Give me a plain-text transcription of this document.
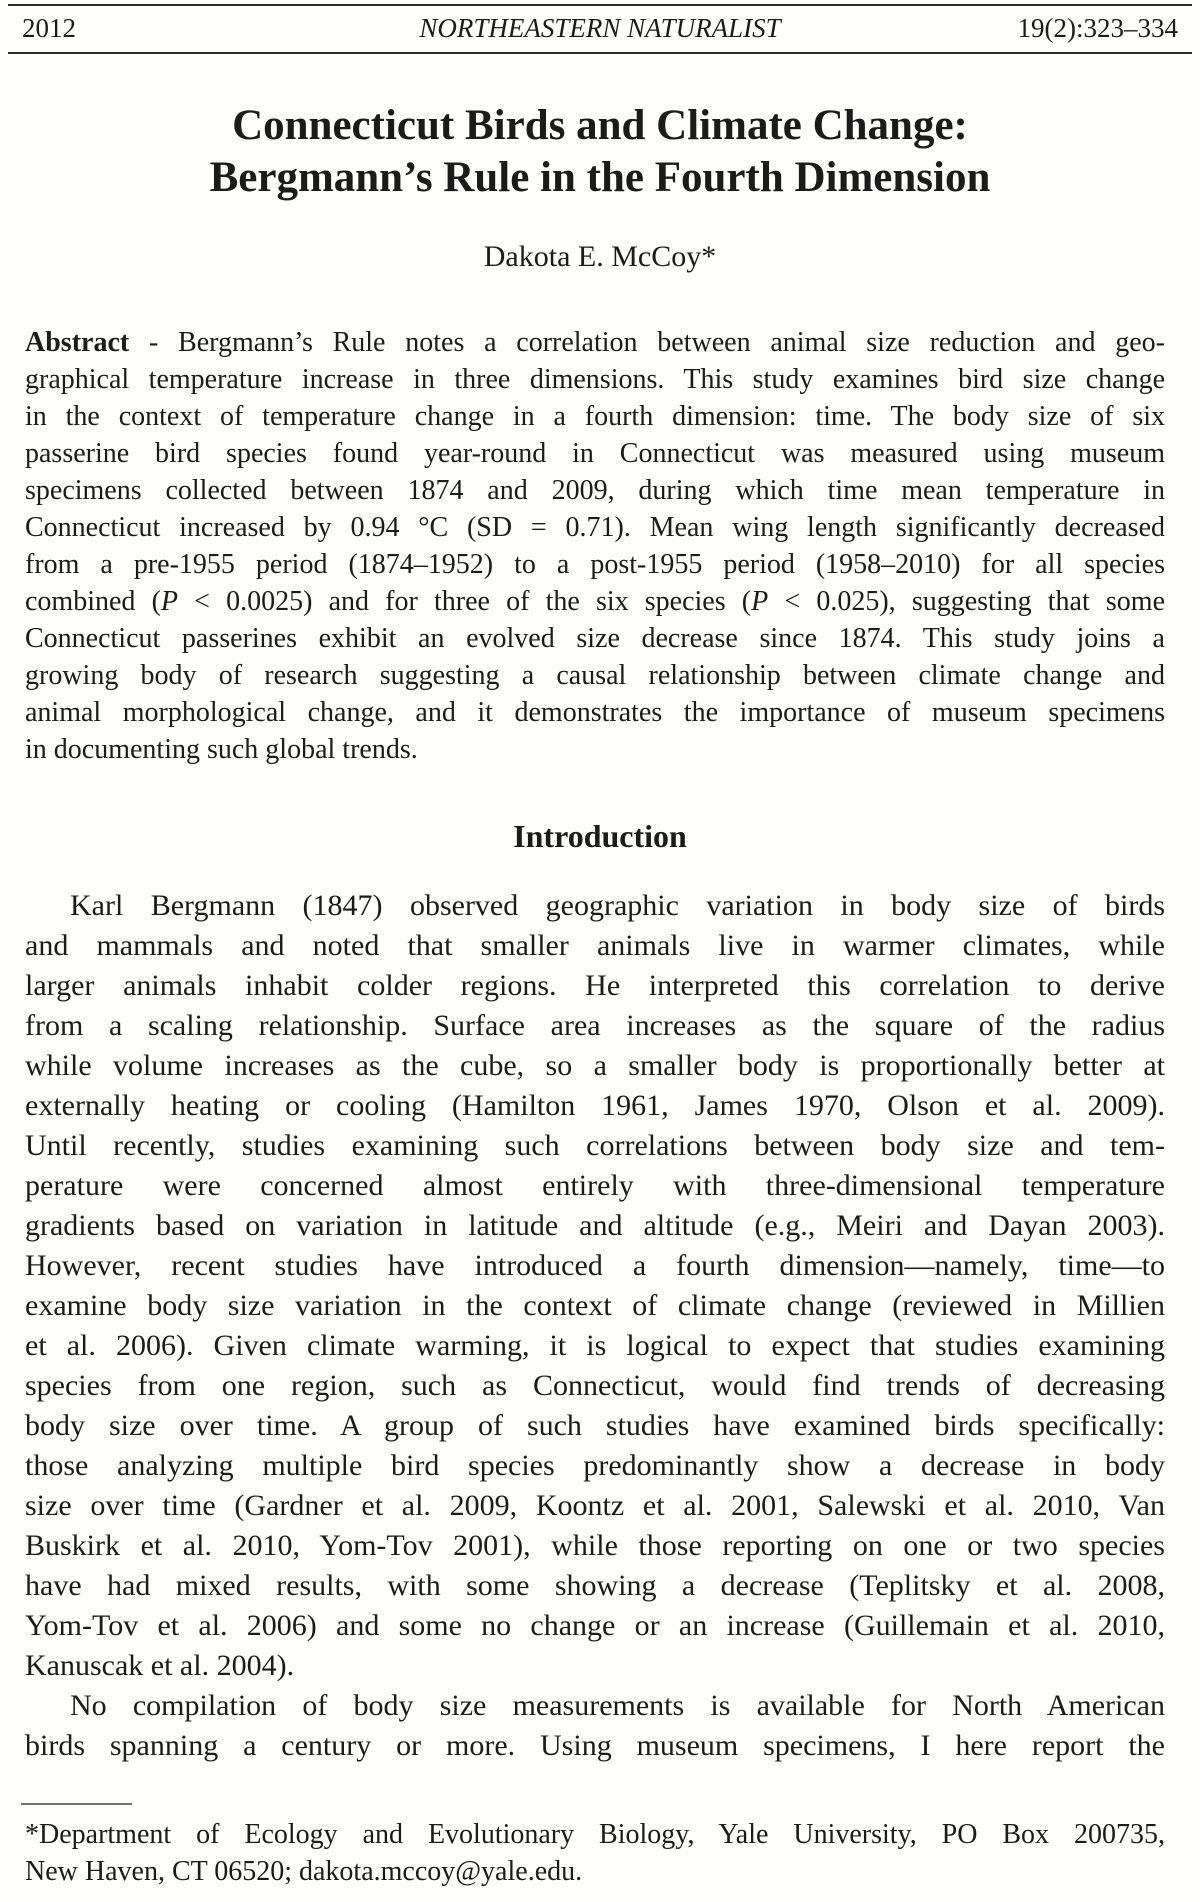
2012	NORTHEASTERN NATURALIST	19(2):323–334
Connecticut Birds and Climate Change:
Bergmann’s Rule in the Fourth Dimension
Dakota E. McCoy*
Abstract - Bergmann’s Rule notes a correlation between animal size reduction and geo-
graphical temperature increase in three dimensions. This study examines bird size change
in the context of temperature change in a fourth dimension: time. The body size of six
passerine bird species found year-round in Connecticut was measured using museum
specimens collected between 1874 and 2009, during which time mean temperature in
Connecticut increased by 0.94 °C (SD = 0.71). Mean wing length significantly decreased
from a pre-1955 period (1874–1952) to a post-1955 period (1958–2010) for all species
combined (P < 0.0025) and for three of the six species (P < 0.025), suggesting that some
Connecticut passerines exhibit an evolved size decrease since 1874. This study joins a
growing body of research suggesting a causal relationship between climate change and
animal morphological change, and it demonstrates the importance of museum specimens
in documenting such global trends.
Introduction
Karl Bergmann (1847) observed geographic variation in body size of birds
and mammals and noted that smaller animals live in warmer climates, while
larger animals inhabit colder regions. He interpreted this correlation to derive
from a scaling relationship. Surface area increases as the square of the radius
while volume increases as the cube, so a smaller body is proportionally better at
externally heating or cooling (Hamilton 1961, James 1970, Olson et al. 2009).
Until recently, studies examining such correlations between body size and tem-
perature were concerned almost entirely with three-dimensional temperature
gradients based on variation in latitude and altitude (e.g., Meiri and Dayan 2003).
However, recent studies have introduced a fourth dimension—namely, time—to
examine body size variation in the context of climate change (reviewed in Millien
et al. 2006). Given climate warming, it is logical to expect that studies examining
species from one region, such as Connecticut, would find trends of decreasing
body size over time. A group of such studies have examined birds specifically:
those analyzing multiple bird species predominantly show a decrease in body
size over time (Gardner et al. 2009, Koontz et al. 2001, Salewski et al. 2010, Van
Buskirk et al. 2010, Yom-Tov 2001), while those reporting on one or two species
have had mixed results, with some showing a decrease (Teplitsky et al. 2008,
Yom-Tov et al. 2006) and some no change or an increase (Guillemain et al. 2010,
Kanuscak et al. 2004).
No compilation of body size measurements is available for North American
birds spanning a century or more. Using museum specimens, I here report the
*Department of Ecology and Evolutionary Biology, Yale University, PO Box 200735,
New Haven, CT 06520; dakota.mccoy@yale.edu.
